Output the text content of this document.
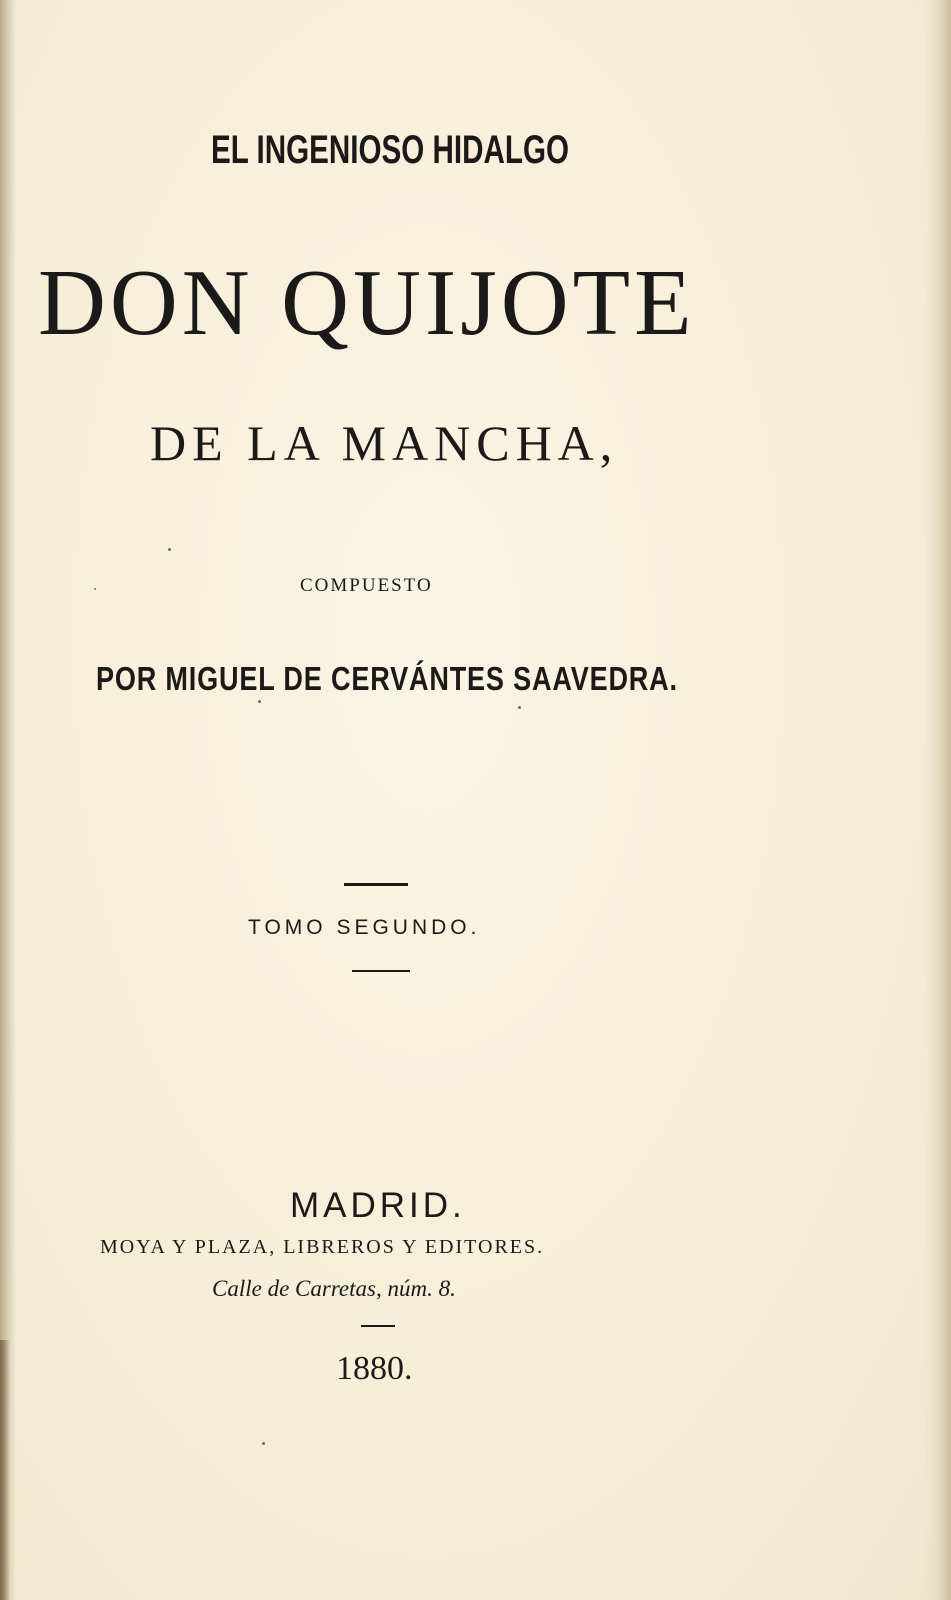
EL INGENIOSO HIDALGO
DON QUIJOTE
DE LA MANCHA,
COMPUESTO
POR MIGUEL DE CERVÁNTES SAAVEDRA.
TOMO SEGUNDO.
MADRID.
MOYA Y PLAZA, LIBREROS Y EDITORES.
Calle de Carretas, núm. 8.
1880.
